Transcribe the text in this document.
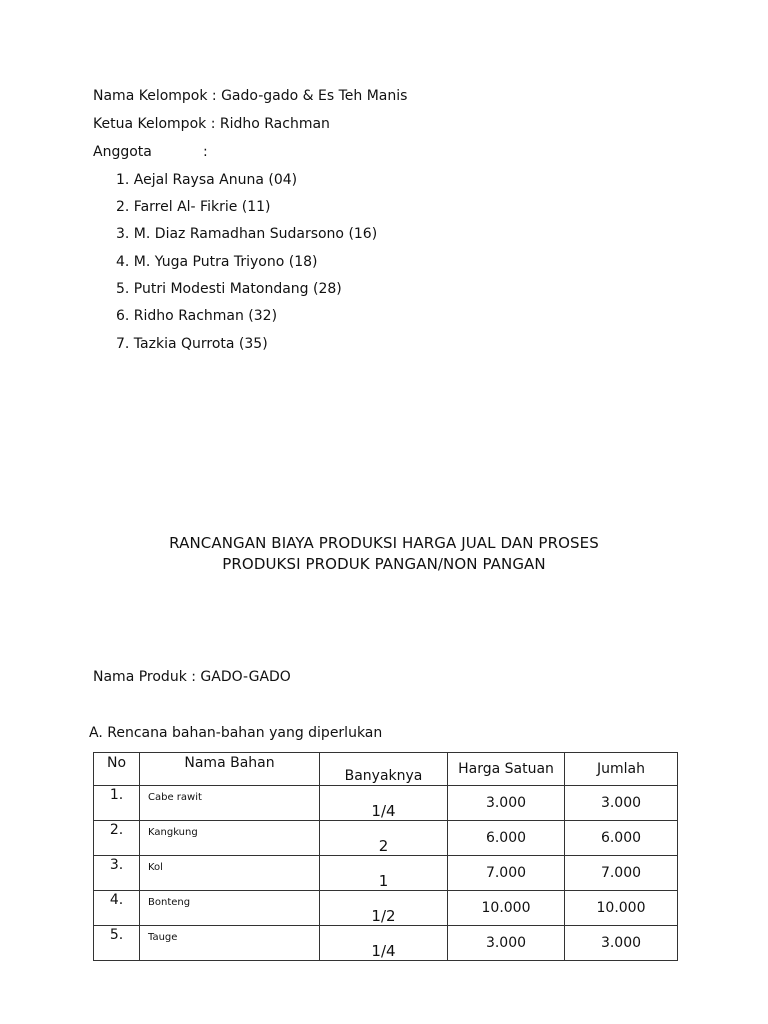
Nama Kelompok : Gado-gado & Es Teh Manis
Ketua Kelompok : Ridho Rachman
Anggota	:
1. Aejal Raysa Anuna (04)
2. Farrel Al- Fikrie (11)
3. M. Diaz Ramadhan Sudarsono (16)
4. M. Yuga Putra Triyono (18)
5. Putri Modesti Matondang (28)
6. Ridho Rachman (32)
7. Tazkia Qurrota (35)
RANCANGAN BIAYA PRODUKSI HARGA JUAL DAN PROSES
PRODUKSI PRODUK PANGAN/NON PANGAN
Nama Produk : GADO-GADO
A. Rencana bahan-bahan yang diperlukan
No	Nama Bahan	Banyaknya	Harga Satuan	Jumlah
1.	Cabe rawit	1/4	3.000	3.000
2.	Kangkung	2	6.000	6.000
3.	Kol	1	7.000	7.000
4.	Bonteng	1/2	10.000	10.000
5.	Tauge	1/4	3.000	3.000
